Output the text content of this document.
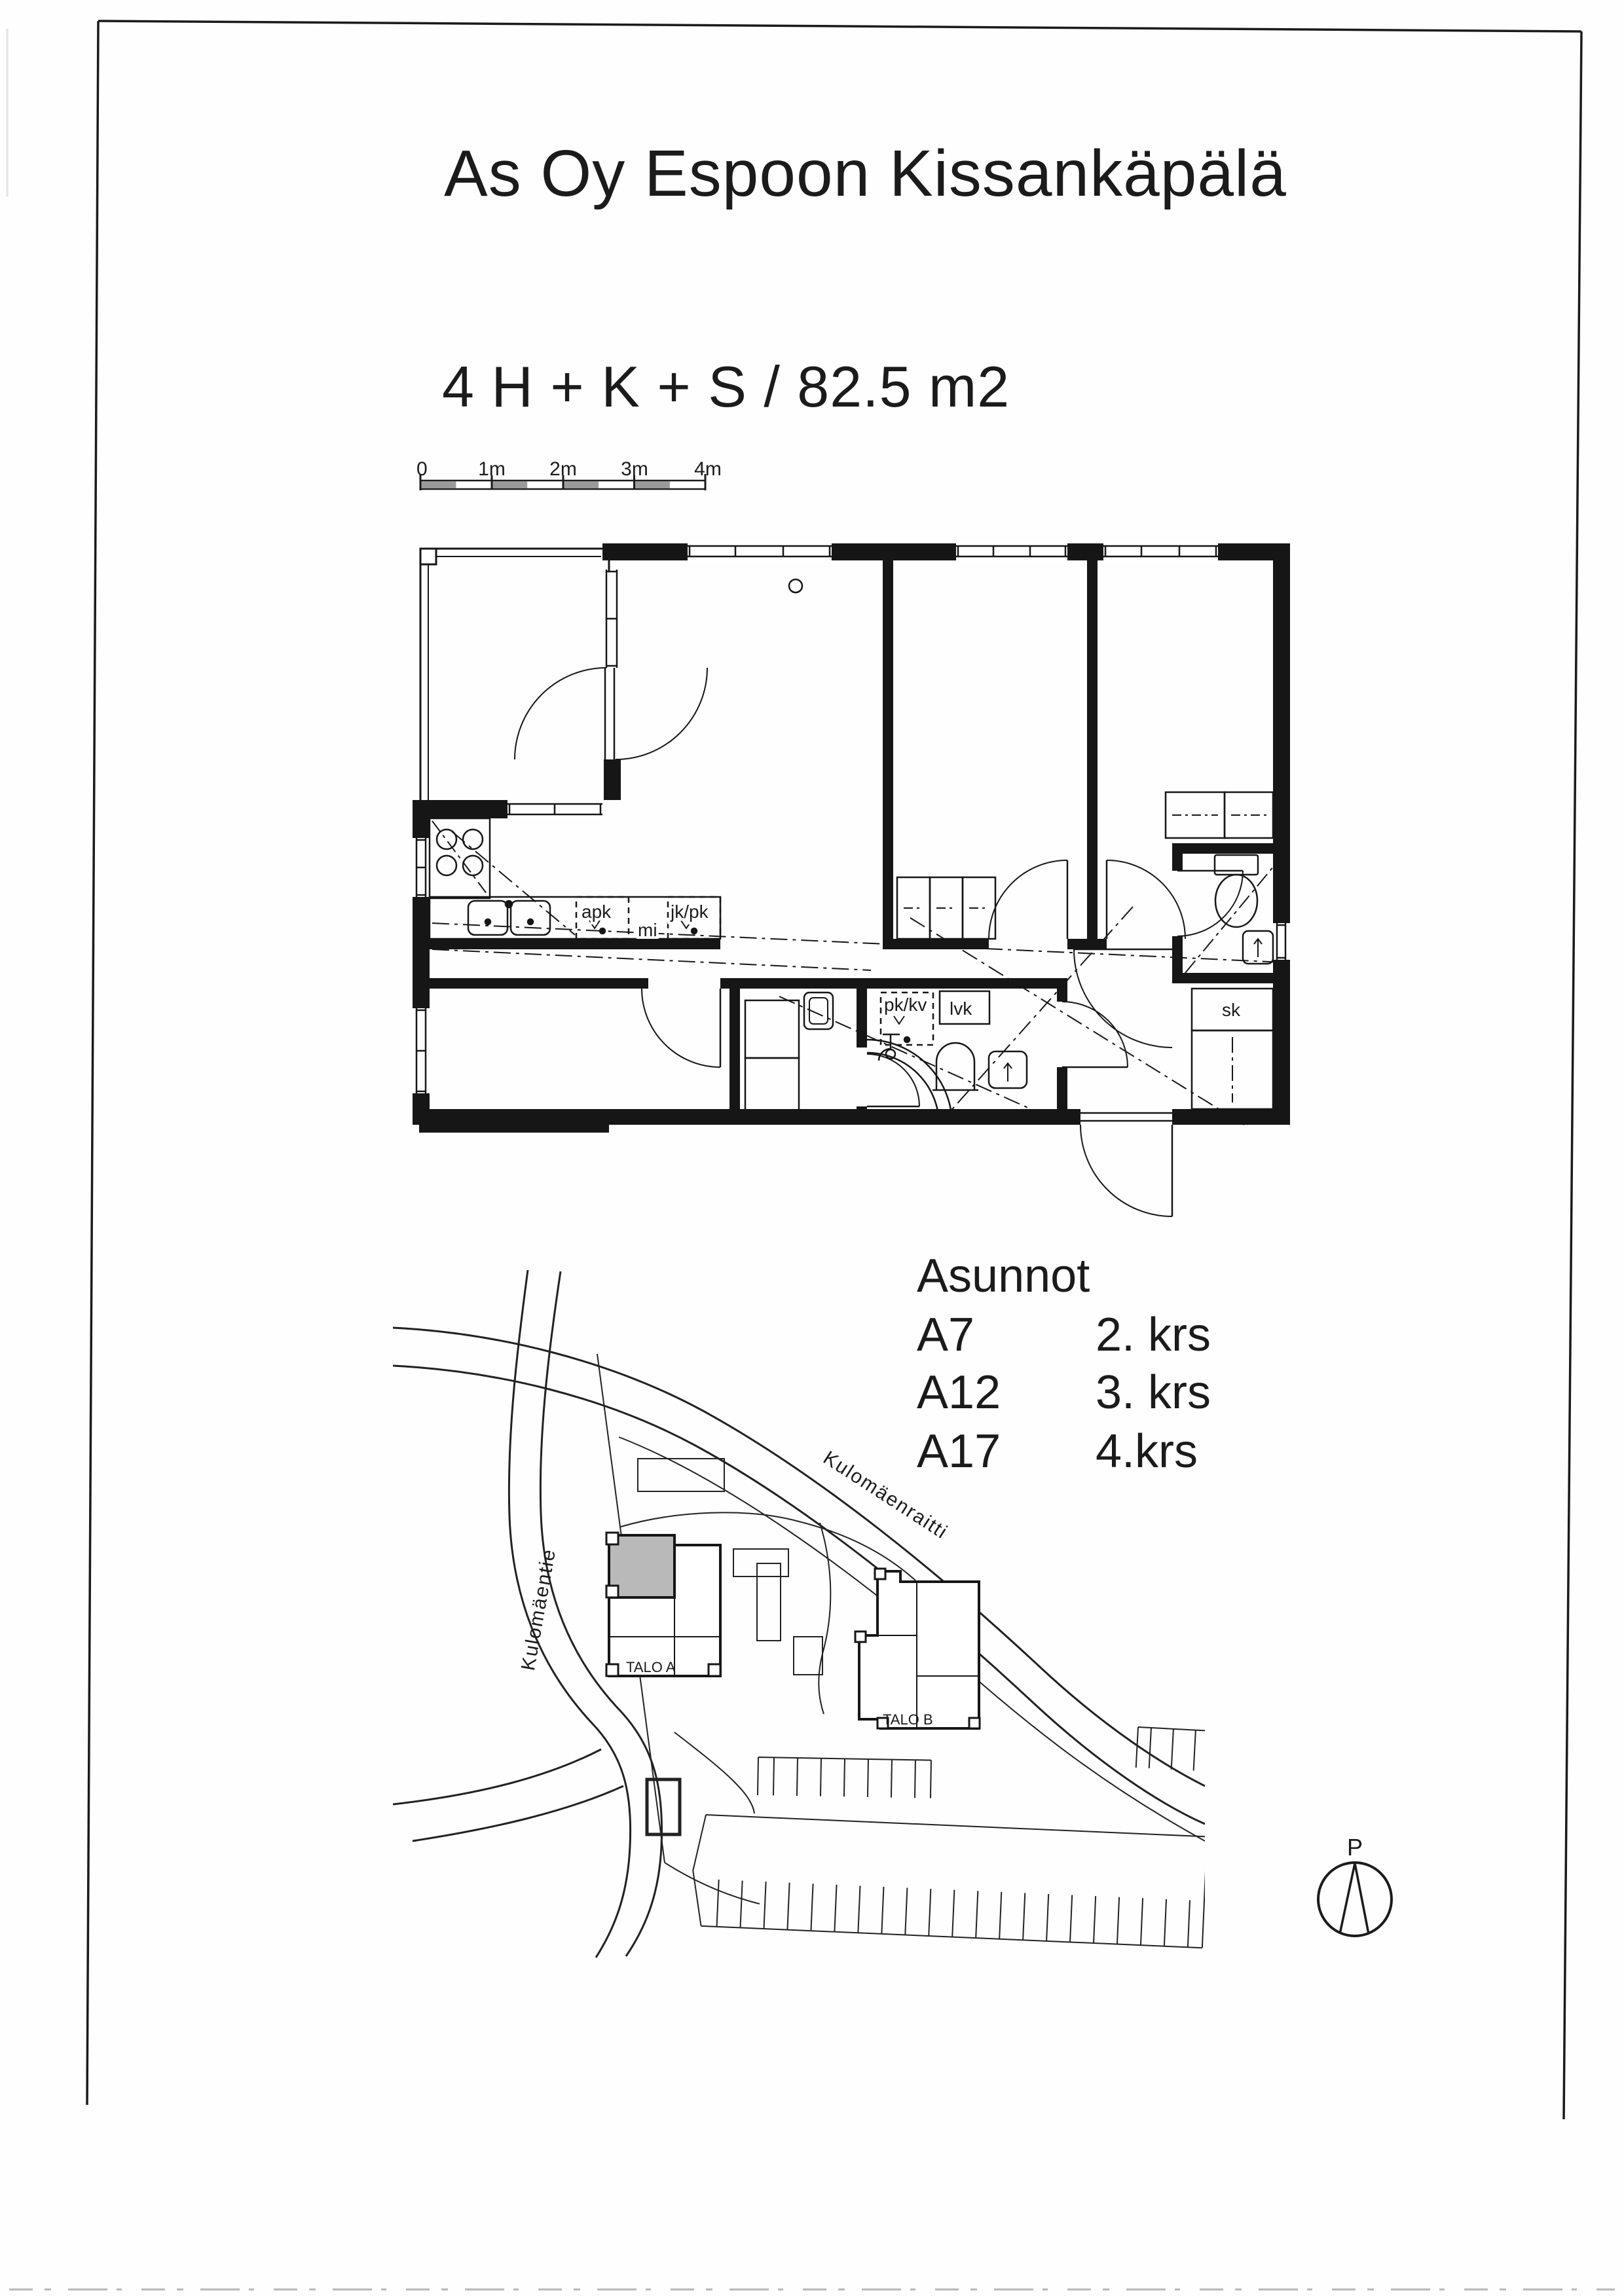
As Oy Espoon Kissankäpälä
4 H + K + S / 82.5 m2
0	1m 2m 3m 4m
apk
mi
jk/pk
pk/kv lvk	sk
Asunnot
A7	2. krs
A12 3. krs
A17 4.krs
TALO A
TALO B
Kulomäenraitti
Kulomäentie
P
